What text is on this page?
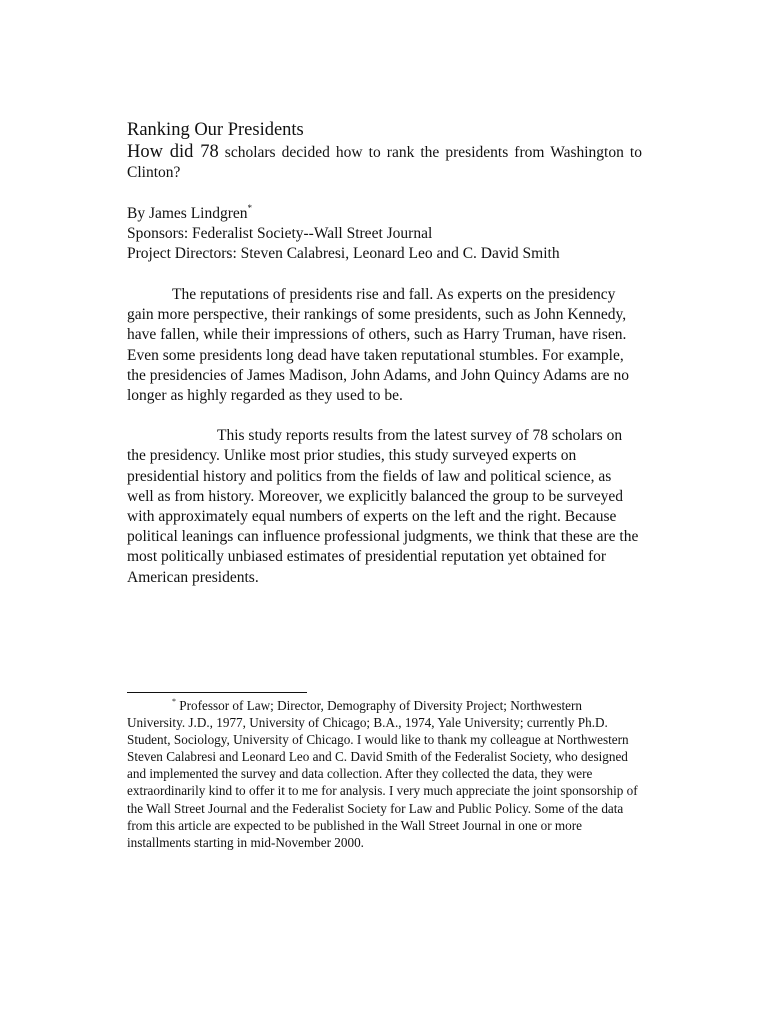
Ranking Our Presidents

How did 78 scholars decided how to rank the presidents from Washington to Clinton?

By James Lindgren*
Sponsors: Federalist Society--Wall Street Journal
Project Directors: Steven Calabresi, Leonard Leo and C. David Smith

The reputations of presidents rise and fall. As experts on the presidency gain more perspective, their rankings of some presidents, such as John Kennedy, have fallen, while their impressions of others, such as Harry Truman, have risen. Even some presidents long dead have taken reputational stumbles. For example, the presidencies of James Madison, John Adams, and John Quincy Adams are no longer as highly regarded as they used to be.

This study reports results from the latest survey of 78 scholars on the presidency. Unlike most prior studies, this study surveyed experts on presidential history and politics from the fields of law and political science, as well as from history. Moreover, we explicitly balanced the group to be surveyed with approximately equal numbers of experts on the left and the right. Because political leanings can influence professional judgments, we think that these are the most politically unbiased estimates of presidential reputation yet obtained for American presidents.

* Professor of Law; Director, Demography of Diversity Project; Northwestern University. J.D., 1977, University of Chicago; B.A., 1974, Yale University; currently Ph.D. Student, Sociology, University of Chicago. I would like to thank my colleague at Northwestern Steven Calabresi and Leonard Leo and C. David Smith of the Federalist Society, who designed and implemented the survey and data collection. After they collected the data, they were extraordinarily kind to offer it to me for analysis. I very much appreciate the joint sponsorship of the Wall Street Journal and the Federalist Society for Law and Public Policy. Some of the data from this article are expected to be published in the Wall Street Journal in one or more installments starting in mid-November 2000.
